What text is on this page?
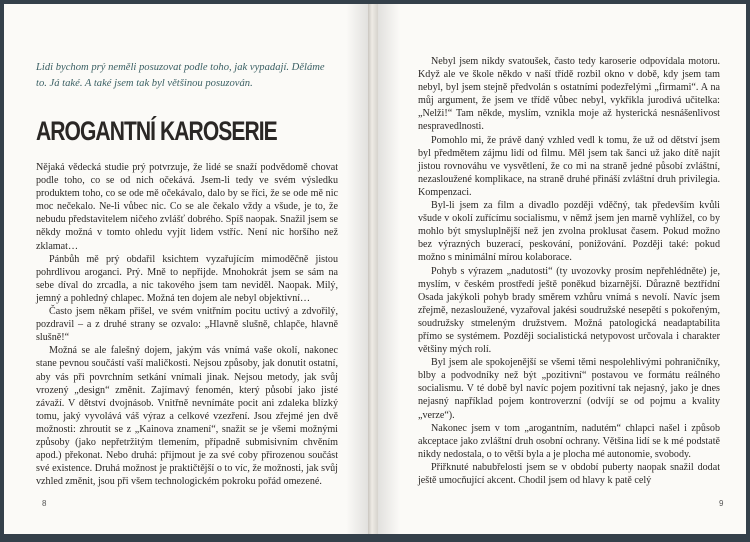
Lidi bychom prý neměli posuzovat podle toho, jak vypadají. Děláme to. Já také. A také jsem tak byl většinou posuzován.
AROGANTNÍ KAROSERIE

Nějaká vědecká studie prý potvrzuje, že lidé se snaží podvědomě chovat podle toho, co se od nich očekává. Jsem-li tedy ve svém výsledku produktem toho, co se ode mě očekávalo, dalo by se říci, že se ode mě nic moc nečekalo. Ne-li vůbec nic. Co se ale čekalo vždy a všude, je to, že nebudu představitelem ničeho zvlášť dobrého. Spíš naopak. Snažil jsem se někdy možná v tomto ohledu vyjít lidem vstříc. Není nic horšího než zklamat…

Pánbůh mě prý obdařil ksichtem vyzařujícím mimoděčně jistou pohrdlivou aroganci. Prý. Mně to nepřijde. Mnohokrát jsem se sám na sebe díval do zrcadla, a nic takového jsem tam neviděl. Naopak. Milý, jemný a pohledný chlapec. Možná ten dojem ale nebyl objektivní…

Často jsem někam přišel, ve svém vnitřním pocitu uctivý a zdvořilý, pozdravil – a z druhé strany se ozvalo: „Hlavně slušně, chlapče, hlavně slušně!“

Možná se ale falešný dojem, jakým vás vnímá vaše okolí, nakonec stane pevnou součástí vaší maličkosti. Nejsou způsoby, jak donutit ostatní, aby vás při povrchním setkání vnímali jinak. Nejsou metody, jak svůj vrozený „design“ změnit. Zajímavý fenomén, který působí jako jisté závaží. V dětství dvojnásob. Vnitřně nevnímáte pocit ani zdaleka blízký tomu, jaký vyvolává váš výraz a celkové vzezření. Jsou zřejmé jen dvě možnosti: zhroutit se z „Kainova znamení“, snažit se je všemi možnými způsoby (jako nepřetržitým tlemením, případně submisivním chvěním apod.) překonat. Nebo druhá: přijmout je za své coby přirozenou součást své existence. Druhá možnost je praktičtější o to víc, že možnosti, jak svůj vzhled změnit, jsou při všem technologickém pokroku pořád omezené.

8

Nebyl jsem nikdy svatoušek, často tedy karoserie odpovídala motoru. Když ale ve škole někdo v naší třídě rozbil okno v době, kdy jsem tam nebyl, byl jsem stejně předvolán s ostatními podezřelými „firmami“. A na můj argument, že jsem ve třídě vůbec nebyl, vykřikla jurodivá učitelka: „Nelži!“ Tam někde, myslím, vznikla moje až hysterická nesnášenlivost nespravedlnosti.

Pomohlo mi, že právě daný vzhled vedl k tomu, že už od dětství jsem byl předmětem zájmu lidí od filmu. Měl jsem tak šanci už jako dítě najít jistou rovnováhu ve vysvětlení, že co mi na straně jedné působí zvláštní, nezasloužené komplikace, na straně druhé přináší zvláštní druh privilegia. Kompenzaci.

Byl-li jsem za film a divadlo později vděčný, tak především kvůli všude v okolí zuřícímu socialismu, v němž jsem jen marně vyhlížel, co by mohlo být smysluplnější než jen zvolna proklusat časem. Pokud možno bez výrazných buzerací, peskování, ponižování. Později také: pokud možno s minimální mírou kolaborace.

Pohyb s výrazem „nadutosti“ (ty uvozovky prosím nepřehlédněte) je, myslím, v českém prostředí ještě poněkud bizarnější. Důrazně beztřídní Osada jakýkoli pohyb brady směrem vzhůru vnímá s nevolí. Navíc jsem zřejmě, nezasloužené, vyzařoval jakési soudružské nesepětí s pokořeným, soudružsky stmeleným družstvem. Možná patologická neadaptabilita přímo se systémem. Později socialistická netypovost určovala i charakter většiny mých rolí.

Byl jsem ale spokojenější se všemi těmi nespolehlivými pohraničníky, blby a podvodníky než být „pozitivní“ postavou ve formátu reálného socialismu. V té době byl navíc pojem pozitivní tak nejasný, jako je dnes nejasný například pojem kontroverzní (odvíjí se od pojmu a kvality „verze“).

Nakonec jsem v tom „arogantním, nadutém“ chlapci našel i způsob akceptace jako zvláštní druh osobní ochrany. Většina lidí se k mé podstatě nikdy nedostala, o to větší byla a je plocha mé autonomie, svobody.

Přiřknuté nabubřelosti jsem se v období puberty naopak snažil dodat ještě umocňující akcent. Chodil jsem od hlavy k patě celý

9
